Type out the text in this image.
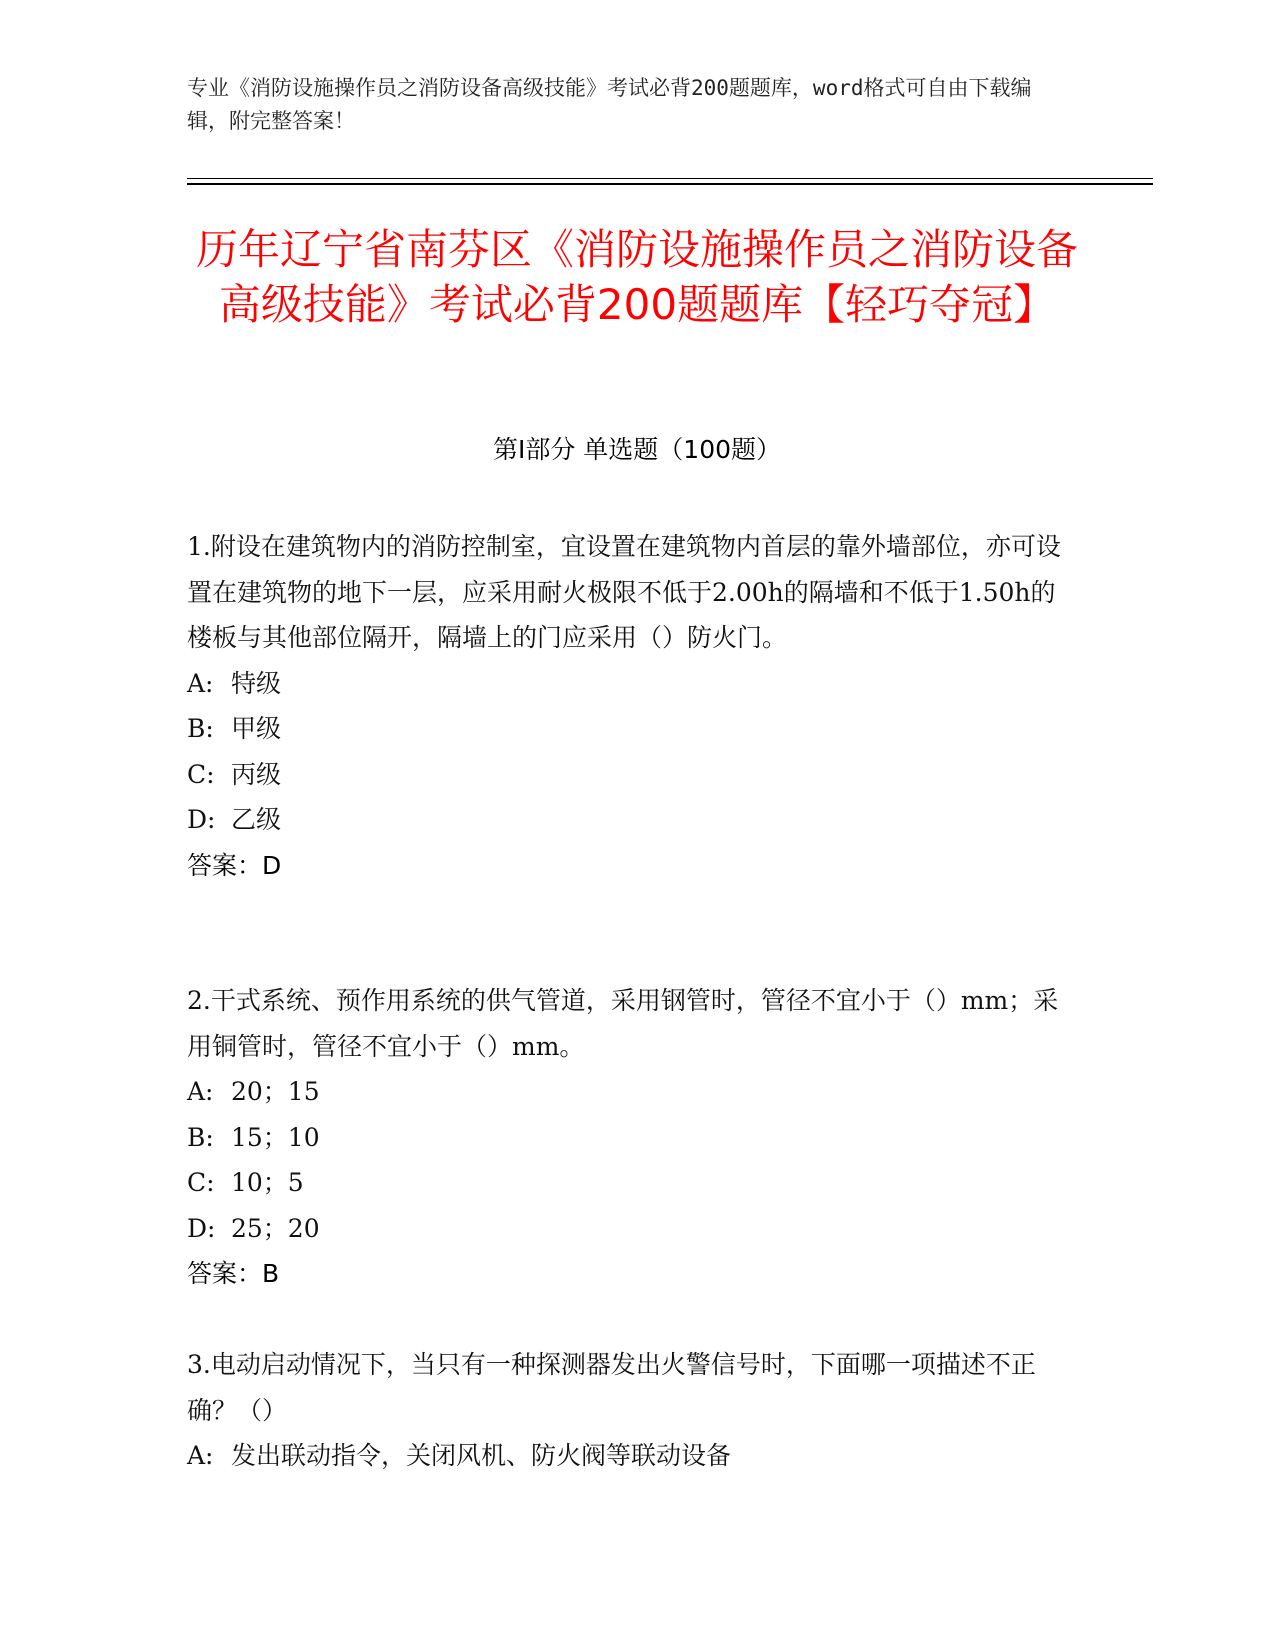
专业《消防设施操作员之消防设备高级技能》考试必背200题题库，word格式可自由下载编辑，附完整答案！
历年辽宁省南芬区《消防设施操作员之消防设备高级技能》考试必背200题题库【轻巧夺冠】
第I部分 单选题（100题）
1.附设在建筑物内的消防控制室，宜设置在建筑物内首层的靠外墙部位，亦可设置在建筑物的地下一层，应采用耐火极限不低于2.00h的隔墙和不低于1.50h的楼板与其他部位隔开，隔墙上的门应采用（）防火门。
A: 特级
B: 甲级
C: 丙级
D: 乙级
答案：D
2.干式系统、预作用系统的供气管道，采用钢管时，管径不宜小于（）mm；采用铜管时，管径不宜小于（）mm。
A: 20；15
B: 15；10
C: 10；5
D: 25；20
答案：B
3.电动启动情况下，当只有一种探测器发出火警信号时，下面哪一项描述不正确？（）
A: 发出联动指令，关闭风机、防火阀等联动设备
